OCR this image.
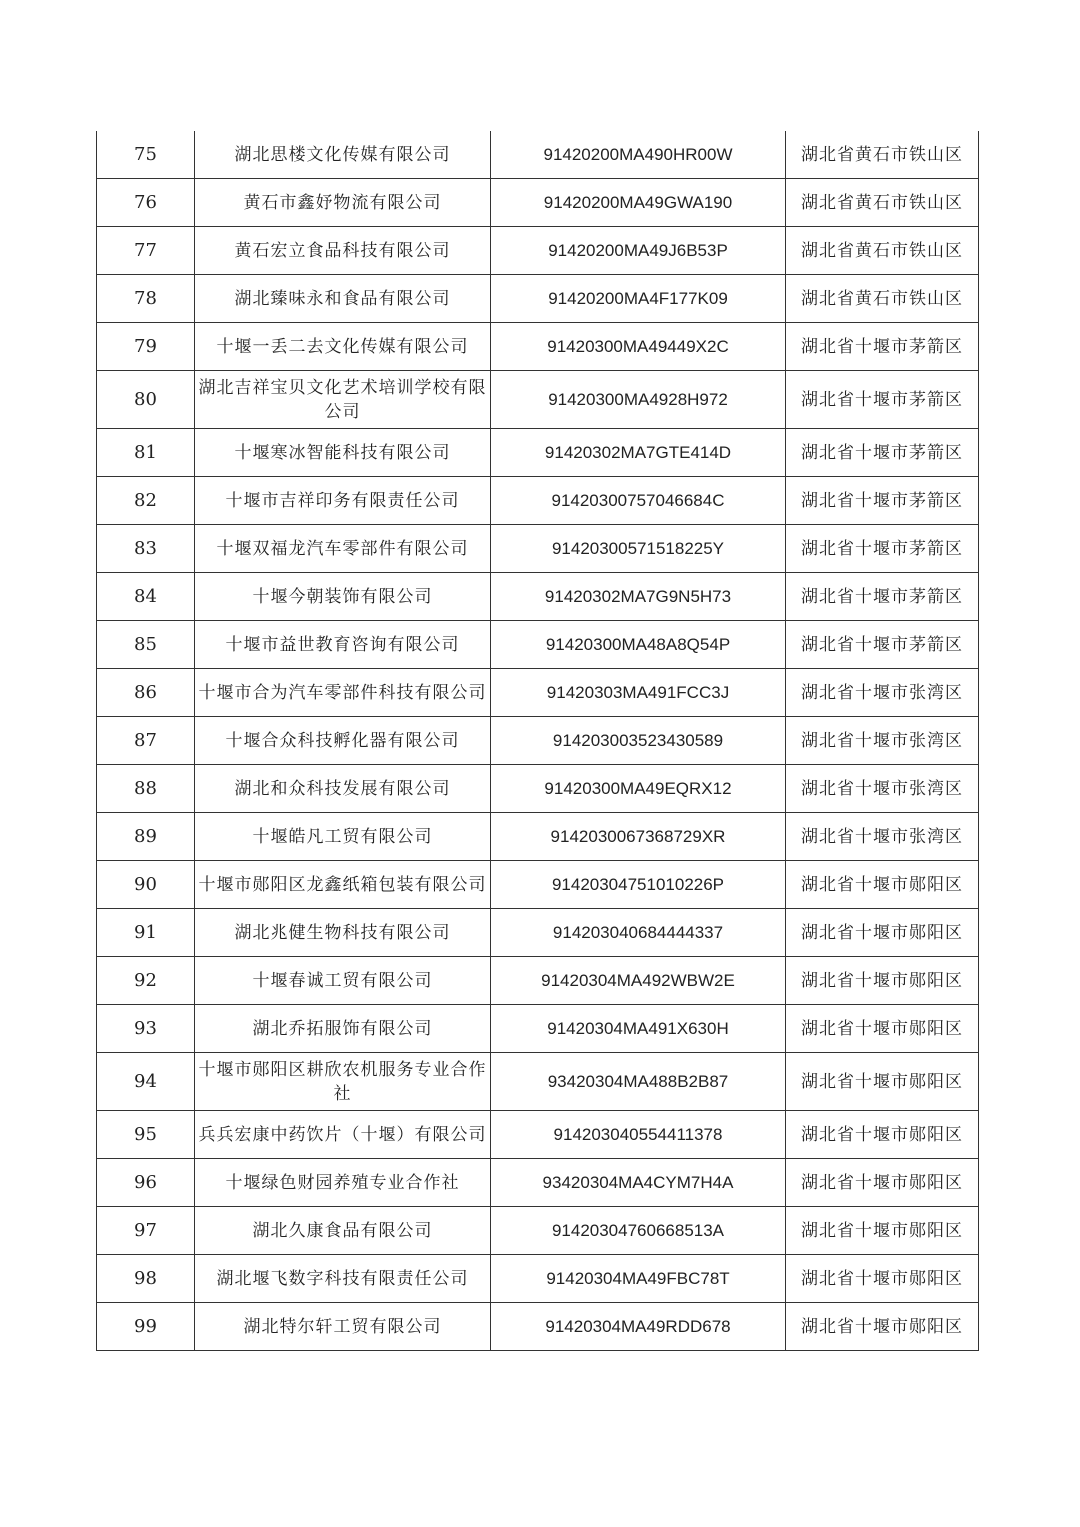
75	湖北思楼文化传媒有限公司	91420200MA490HR00W	湖北省黄石市铁山区
76	黄石市鑫妤物流有限公司	91420200MA49GWA190	湖北省黄石市铁山区
77	黄石宏立食品科技有限公司	91420200MA49J6B53P	湖北省黄石市铁山区
78	湖北臻味永和食品有限公司	91420200MA4F177K09	湖北省黄石市铁山区
79	十堰一丢二去文化传媒有限公司	91420300MA49449X2C	湖北省十堰市茅箭区
80	湖北吉祥宝贝文化艺术培训学校有限公司	91420300MA4928H972	湖北省十堰市茅箭区
81	十堰寒冰智能科技有限公司	91420302MA7GTE414D	湖北省十堰市茅箭区
82	十堰市吉祥印务有限责任公司	91420300757046684C	湖北省十堰市茅箭区
83	十堰双福龙汽车零部件有限公司	91420300571518225Y	湖北省十堰市茅箭区
84	十堰今朝装饰有限公司	91420302MA7G9N5H73	湖北省十堰市茅箭区
85	十堰市益世教育咨询有限公司	91420300MA48A8Q54P	湖北省十堰市茅箭区
86	十堰市合为汽车零部件科技有限公司	91420303MA491FCC3J	湖北省十堰市张湾区
87	十堰合众科技孵化器有限公司	914203003523430589	湖北省十堰市张湾区
88	湖北和众科技发展有限公司	91420300MA49EQRX12	湖北省十堰市张湾区
89	十堰皓凡工贸有限公司	9142030067368729XR	湖北省十堰市张湾区
90	十堰市郧阳区龙鑫纸箱包装有限公司	91420304751010226P	湖北省十堰市郧阳区
91	湖北兆健生物科技有限公司	914203040684444337	湖北省十堰市郧阳区
92	十堰春诚工贸有限公司	91420304MA492WBW2E	湖北省十堰市郧阳区
93	湖北乔拓服饰有限公司	91420304MA491X630H	湖北省十堰市郧阳区
94	十堰市郧阳区耕欣农机服务专业合作社	93420304MA488B2B87	湖北省十堰市郧阳区
95	兵兵宏康中药饮片（十堰）有限公司	914203040554411378	湖北省十堰市郧阳区
96	十堰绿色财园养殖专业合作社	93420304MA4CYM7H4A	湖北省十堰市郧阳区
97	湖北久康食品有限公司	91420304760668513A	湖北省十堰市郧阳区
98	湖北堰飞数字科技有限责任公司	91420304MA49FBC78T	湖北省十堰市郧阳区
99	湖北特尔轩工贸有限公司	91420304MA49RDD678	湖北省十堰市郧阳区
